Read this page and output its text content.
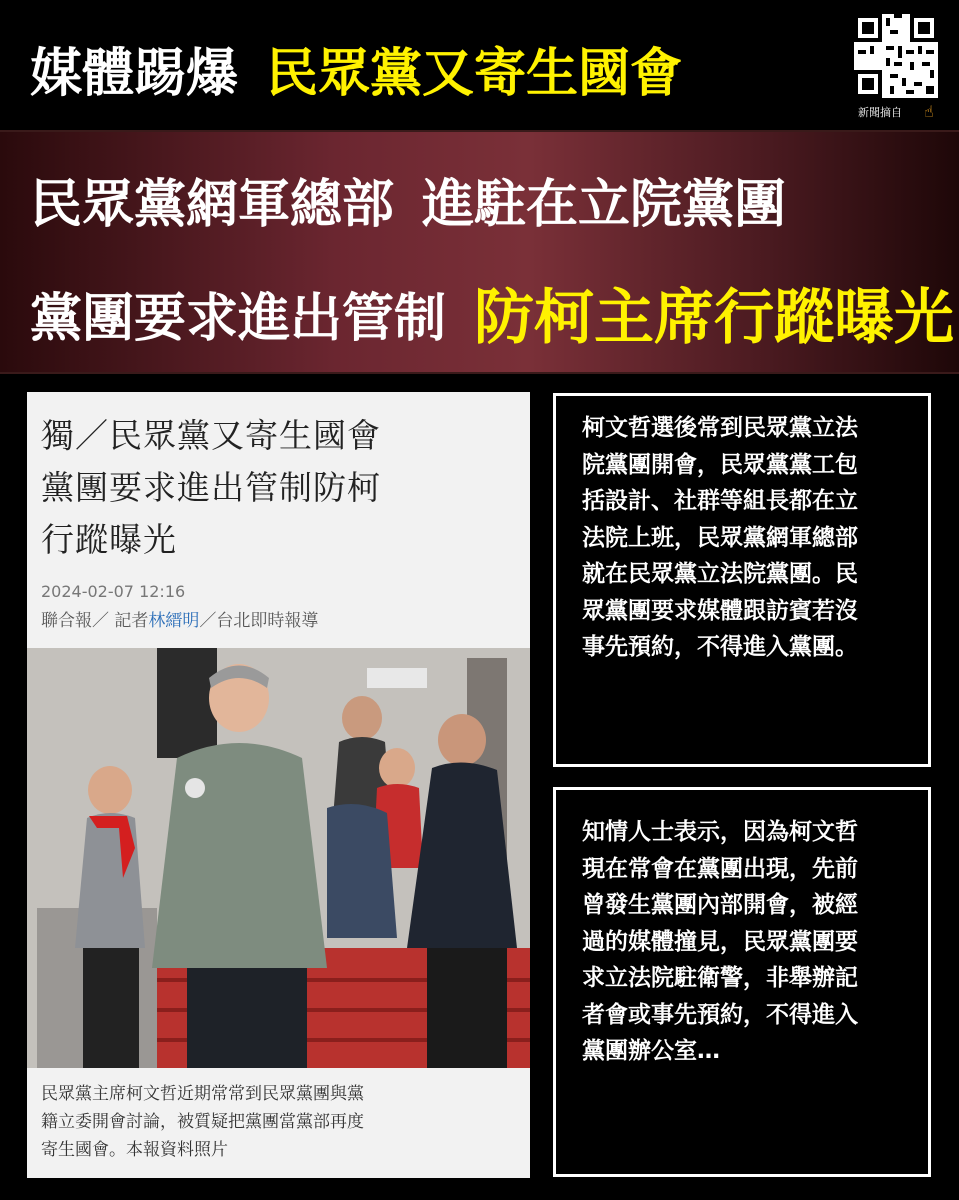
媒體踢爆 民眾黨又寄生國會
新聞摘自 ☝
民眾黨網軍總部 進駐在立院黨團
黨團要求進出管制 防柯主席行蹤曝光
獨／民眾黨又寄生國會
黨團要求進出管制防柯
行蹤曝光
2024-02-07 12:16
聯合報／ 記者林縉明／台北即時報導
民眾黨主席柯文哲近期常常到民眾黨團與黨
籍立委開會討論，被質疑把黨團當黨部再度
寄生國會。本報資料照片
柯文哲選後常到民眾黨立法
院黨團開會，民眾黨黨工包
括設計、社群等組長都在立
法院上班，民眾黨網軍總部
就在民眾黨立法院黨團。民
眾黨團要求媒體跟訪賓若沒
事先預約，不得進入黨團。
知情人士表示，因為柯文哲
現在常會在黨團出現，先前
曾發生黨團內部開會，被經
過的媒體撞見，民眾黨團要
求立法院駐衛警，非舉辦記
者會或事先預約，不得進入
黨團辦公室…
